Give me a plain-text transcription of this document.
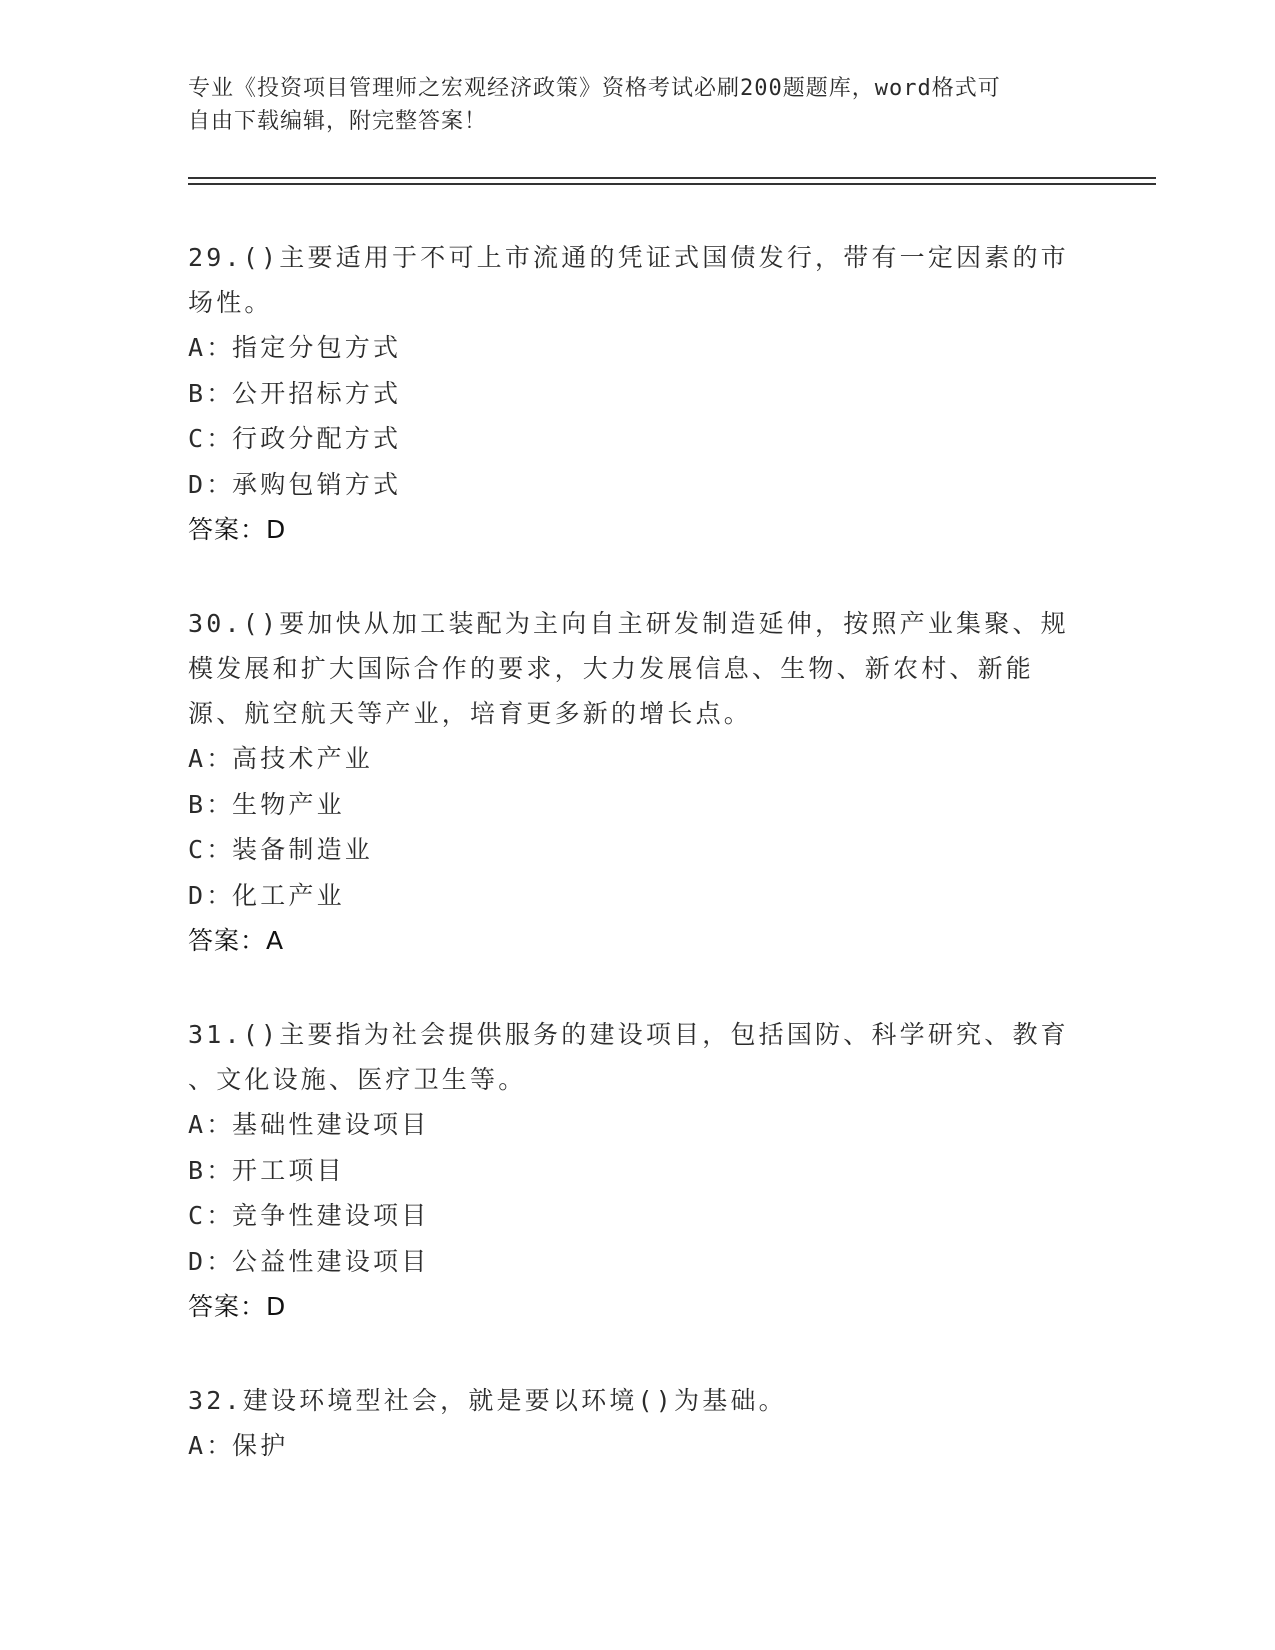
专业《投资项目管理师之宏观经济政策》资格考试必刷200题题库，word格式可
自由下载编辑，附完整答案！
29.()主要适用于不可上市流通的凭证式国债发行，带有一定因素的市
场性。
A：指定分包方式
B：公开招标方式
C：行政分配方式
D：承购包销方式
答案：D
30.()要加快从加工装配为主向自主研发制造延伸，按照产业集聚、规
模发展和扩大国际合作的要求，大力发展信息、生物、新农村、新能
源、航空航天等产业，培育更多新的增长点。
A：高技术产业
B：生物产业
C：装备制造业
D：化工产业
答案：A
31.()主要指为社会提供服务的建设项目，包括国防、科学研究、教育
、文化设施、医疗卫生等。
A：基础性建设项目
B：开工项目
C：竞争性建设项目
D：公益性建设项目
答案：D
32.建设环境型社会，就是要以环境()为基础。
A：保护
